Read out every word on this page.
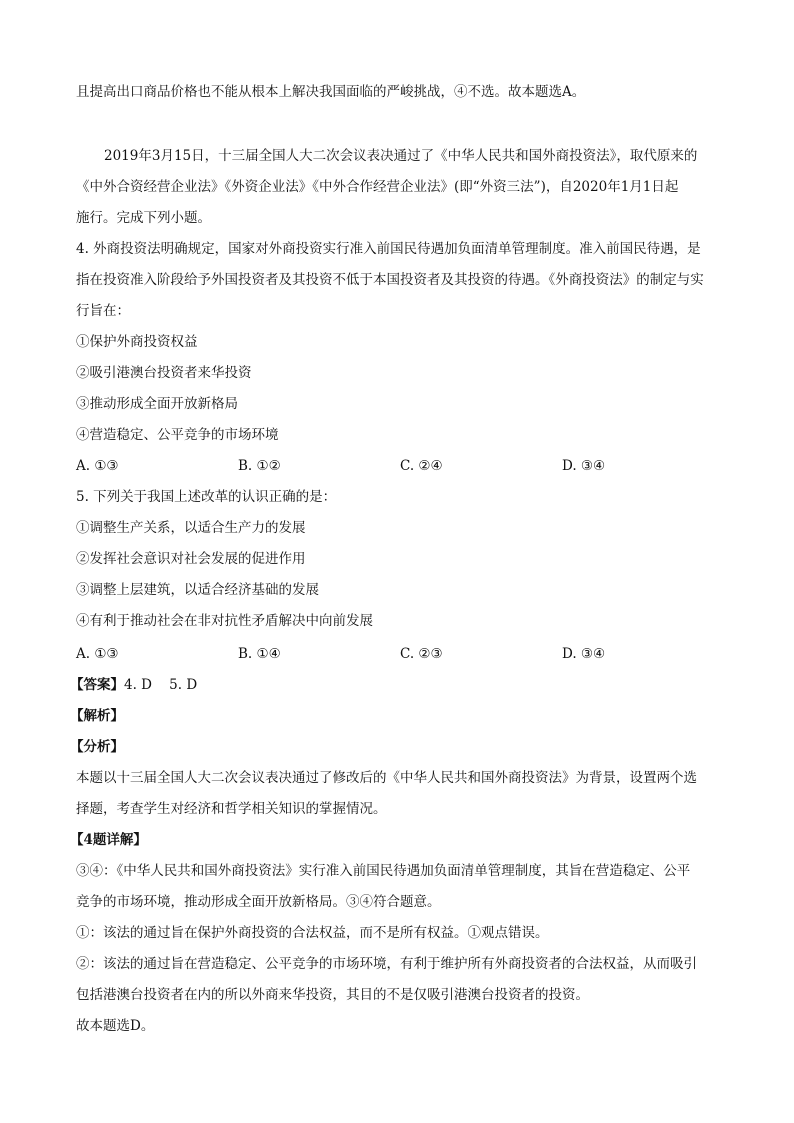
且提高出口商品价格也不能从根本上解决我国面临的严峻挑战，④不选。故本题选A。
2019年3月15日，十三届全国人大二次会议表决通过了《中华人民共和国外商投资法》，取代原来的
《中外合资经营企业法》《外资企业法》《中外合作经营企业法》(即“外资三法”)，自2020年1月1日起
施行。完成下列小题。
4. 外商投资法明确规定，国家对外商投资实行准入前国民待遇加负面清单管理制度。准入前国民待遇，是
指在投资准入阶段给予外国投资者及其投资不低于本国投资者及其投资的待遇。《外商投资法》的制定与实
行旨在：
①保护外商投资权益
②吸引港澳台投资者来华投资
③推动形成全面开放新格局
④营造稳定、公平竞争的市场环境
A. ①③	B. ①②	C. ②④	D. ③④
5. 下列关于我国上述改革的认识正确的是：
①调整生产关系，以适合生产力的发展
②发挥社会意识对社会发展的促进作用
③调整上层建筑，以适合经济基础的发展
④有利于推动社会在非对抗性矛盾解决中向前发展
A. ①③	B. ①④	C. ②③	D. ③④
【答案】4. D    5. D
【解析】
【分析】
本题以十三届全国人大二次会议表决通过了修改后的《中华人民共和国外商投资法》为背景，设置两个选
择题，考查学生对经济和哲学相关知识的掌握情况。
【4题详解】
③④：《中华人民共和国外商投资法》实行准入前国民待遇加负面清单管理制度，其旨在营造稳定、公平
竞争的市场环境，推动形成全面开放新格局。③④符合题意。
①：该法的通过旨在保护外商投资的合法权益，而不是所有权益。①观点错误。
②：该法的通过旨在营造稳定、公平竞争的市场环境，有利于维护所有外商投资者的合法权益，从而吸引
包括港澳台投资者在内的所以外商来华投资，其目的不是仅吸引港澳台投资者的投资。
故本题选D。
